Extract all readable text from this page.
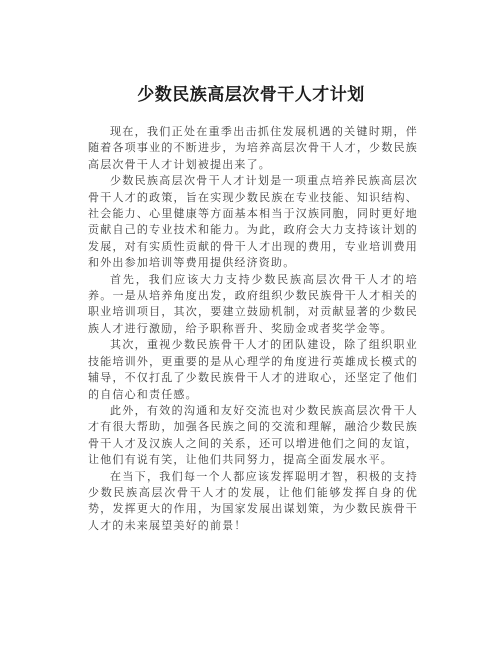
少数民族高层次骨干人才计划

现在，我们正处在重季出击抓住发展机遇的关键时期，伴随着各项事业的不断进步，为培养高层次骨干人才，少数民族高层次骨干人才计划被提出来了。

少数民族高层次骨干人才计划是一项重点培养民族高层次骨干人才的政策，旨在实现少数民族在专业技能、知识结构、社会能力、心里健康等方面基本相当于汉族同胞，同时更好地贡献自己的专业技术和能力。为此，政府会大力支持该计划的发展，对有实质性贡献的骨干人才出现的费用，专业培训费用和外出参加培训等费用提供经济资助。

首先，我们应该大力支持少数民族高层次骨干人才的培养。一是从培养角度出发，政府组织少数民族骨干人才相关的职业培训项目，其次，要建立鼓励机制，对贡献显著的少数民族人才进行激励，给予职称晋升、奖励金或者奖学金等。

其次，重视少数民族骨干人才的团队建设，除了组织职业技能培训外，更重要的是从心理学的角度进行英雄成长模式的辅导，不仅打乱了少数民族骨干人才的进取心，还坚定了他们的自信心和责任感。

此外，有效的沟通和友好交流也对少数民族高层次骨干人才有很大帮助，加强各民族之间的交流和理解，融洽少数民族骨干人才及汉族人之间的关系，还可以增进他们之间的友谊，让他们有说有笑，让他们共同努力，提高全面发展水平。

在当下，我们每一个人都应该发挥聪明才智，积极的支持少数民族高层次骨干人才的发展，让他们能够发挥自身的优势，发挥更大的作用，为国家发展出谋划策，为少数民族骨干人才的未来展望美好的前景！
